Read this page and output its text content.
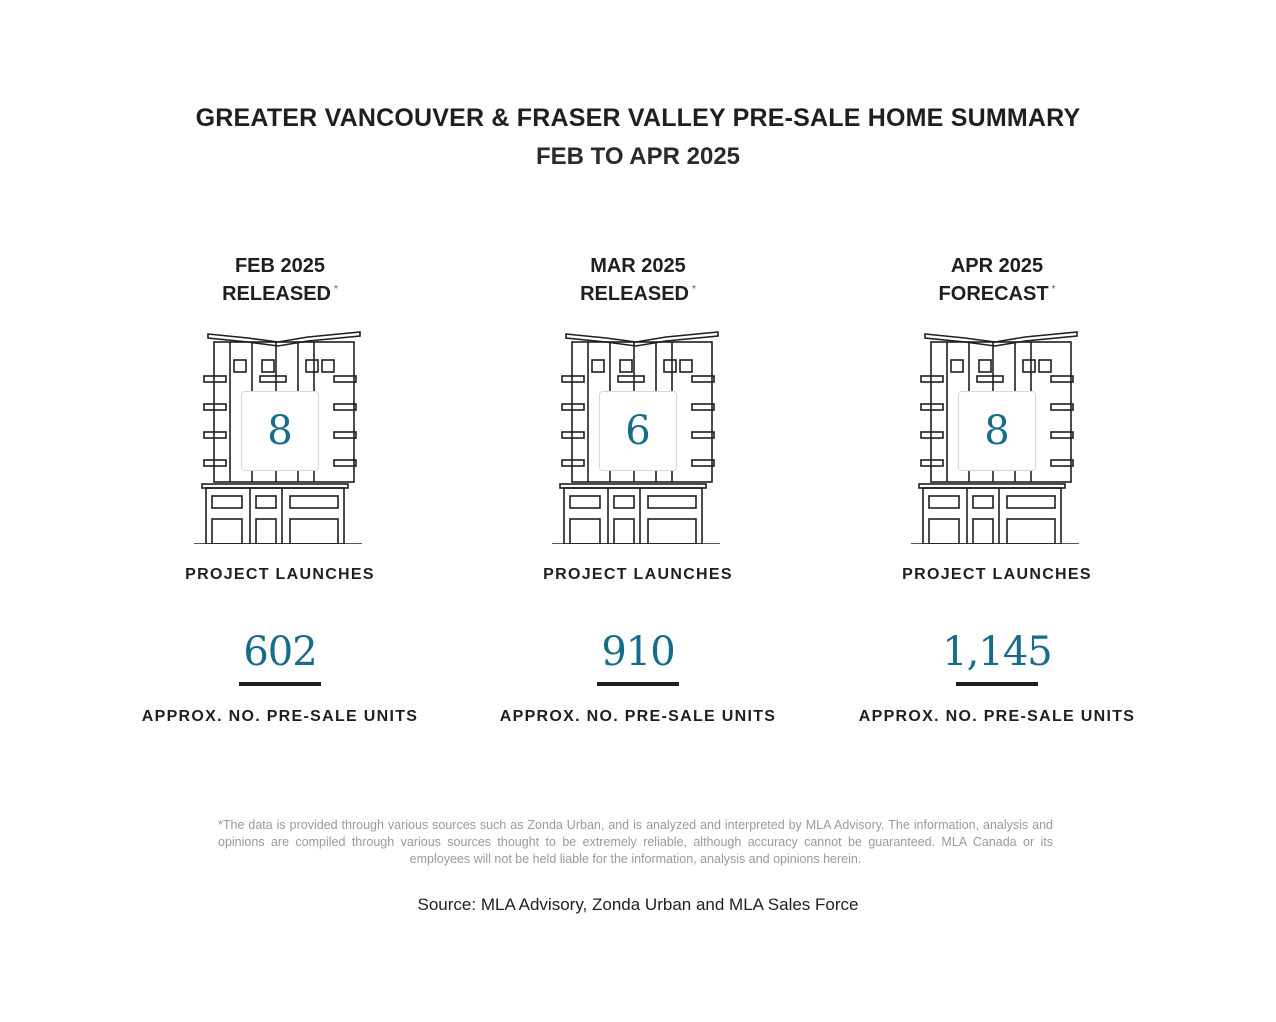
GREATER VANCOUVER & FRASER VALLEY PRE-SALE HOME SUMMARY
FEB TO APR 2025
FEB 2025
RELEASED *
8
PROJECT LAUNCHES
602
APPROX. NO. PRE-SALE UNITS
MAR 2025
RELEASED *
6
PROJECT LAUNCHES
910
APPROX. NO. PRE-SALE UNITS
APR 2025
FORECAST *
8
PROJECT LAUNCHES
1,145
APPROX. NO. PRE-SALE UNITS

*The data is provided through various sources such as Zonda Urban, and is analyzed and interpreted by MLA Advisory. The information, analysis and opinions are compiled through various sources thought to be extremely reliable, although accuracy cannot be guaranteed. MLA Canada or its employees will not be held liable for the information, analysis and opinions herein.

Source: MLA Advisory, Zonda Urban and MLA Sales Force
